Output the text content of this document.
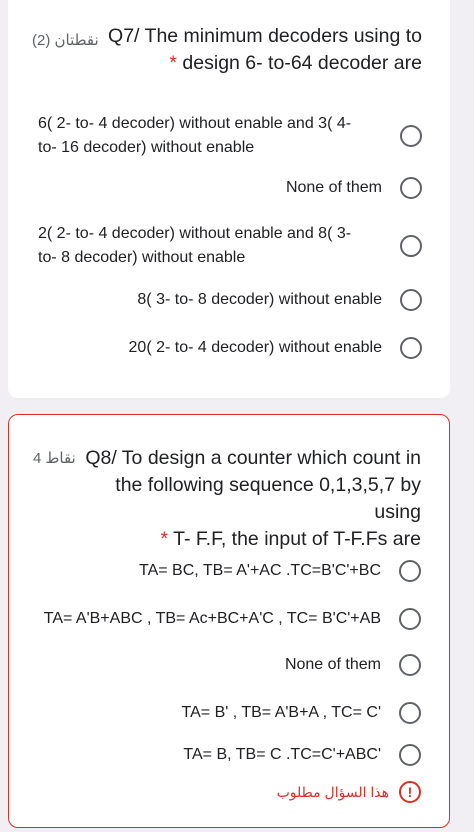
(2) نقطتان Q7/ The minimum decoders using to
* design 6- to-64 decoder are
6( 2- to- 4 decoder) without enable and 3( 4- to- 16 decoder) without enable
None of them
2( 2- to- 4 decoder) without enable and 8( 3- to- 8 decoder) without enable
8( 3- to- 8 decoder) without enable
20( 2- to- 4 decoder) without enable
4 نقاط Q8/ To design a counter which count in the following sequence 0,1,3,5,7 by using
* T- F.F, the input of T-F.Fs are
TA= BC, TB= A'+AC .TC=B'C'+BC
TA= A'B+ABC , TB= Ac+BC+A'C , TC= B'C'+AB
None of them
TA= B' , TB= A'B+A , TC= C'
TA= B, TB= C .TC=C'+ABC'
هذا السؤال مطلوب	!
